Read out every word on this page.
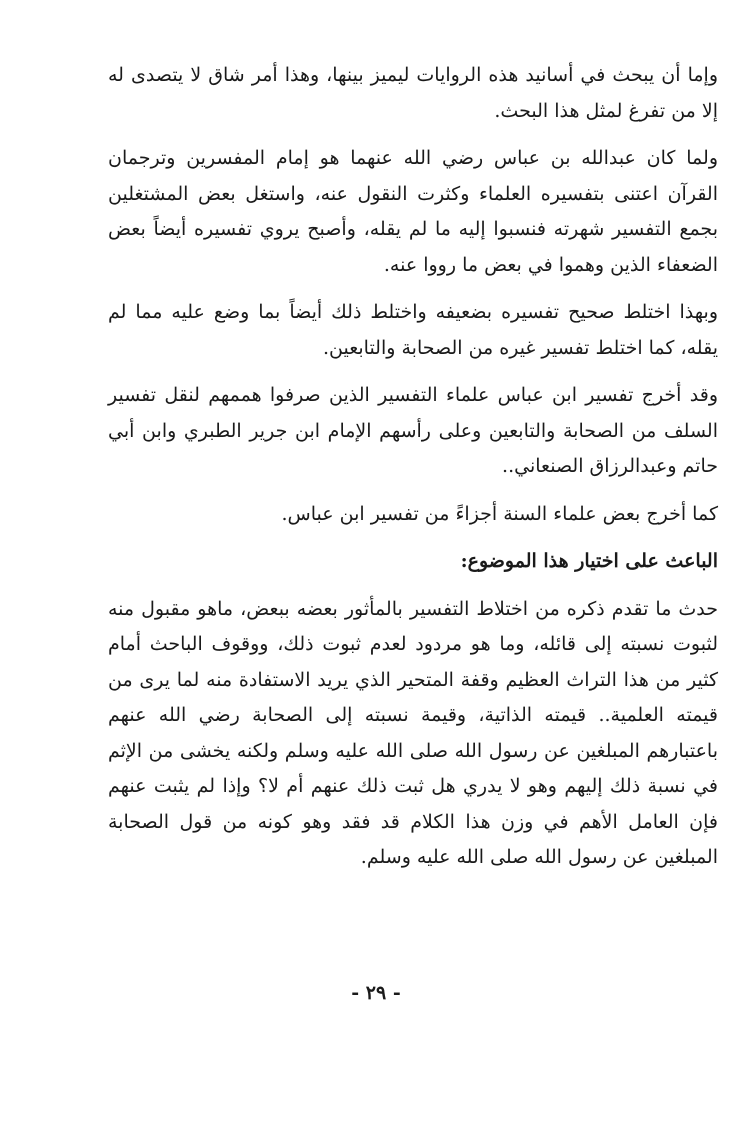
وإما أن يبحث في أسانيد هذه الروايات ليميز بينها، وهذا أمر شاق لا يتصدى له إلا من تفرغ لمثل هذا البحث.

ولما كان عبدالله بن عباس رضي الله عنهما هو إمام المفسرين وترجمان القرآن اعتنى بتفسيره العلماء وكثرت النقول عنه، واستغل بعض المشتغلين بجمع التفسير شهرته فنسبوا إليه ما لم يقله، وأصبح يروي تفسيره أيضاً بعض الضعفاء الذين وهموا في بعض ما رووا عنه.

وبهذا اختلط صحيح تفسيره بضعيفه واختلط ذلك أيضاً بما وضع عليه مما لم يقله، كما اختلط تفسير غيره من الصحابة والتابعين.

وقد أخرج تفسير ابن عباس علماء التفسير الذين صرفوا هممهم لنقل تفسير السلف من الصحابة والتابعين وعلى رأسهم الإمام ابن جرير الطبري وابن أبي حاتم وعبدالرزاق الصنعاني..

كما أخرج بعض علماء السنة أجزاءً من تفسير ابن عباس.

الباعث على اختيار هذا الموضوع:

حدث ما تقدم ذكره من اختلاط التفسير بالمأثور بعضه ببعض، ماهو مقبول منه لثبوت نسبته إلى قائله، وما هو مردود لعدم ثبوت ذلك، ووقوف الباحث أمام كثير من هذا التراث العظيم وقفة المتحير الذي يريد الاستفادة منه لما يرى من قيمته العلمية.. قيمته الذاتية، وقيمة نسبته إلى الصحابة رضي الله عنهم باعتبارهم المبلغين عن رسول الله صلى الله عليه وسلم ولكنه يخشى من الإثم في نسبة ذلك إليهم وهو لا يدري هل ثبت ذلك عنهم أم لا؟ وإذا لم يثبت عنهم فإن العامل الأهم في وزن هذا الكلام قد فقد وهو كونه من قول الصحابة المبلغين عن رسول الله صلى الله عليه وسلم.

- ٢٩ -
